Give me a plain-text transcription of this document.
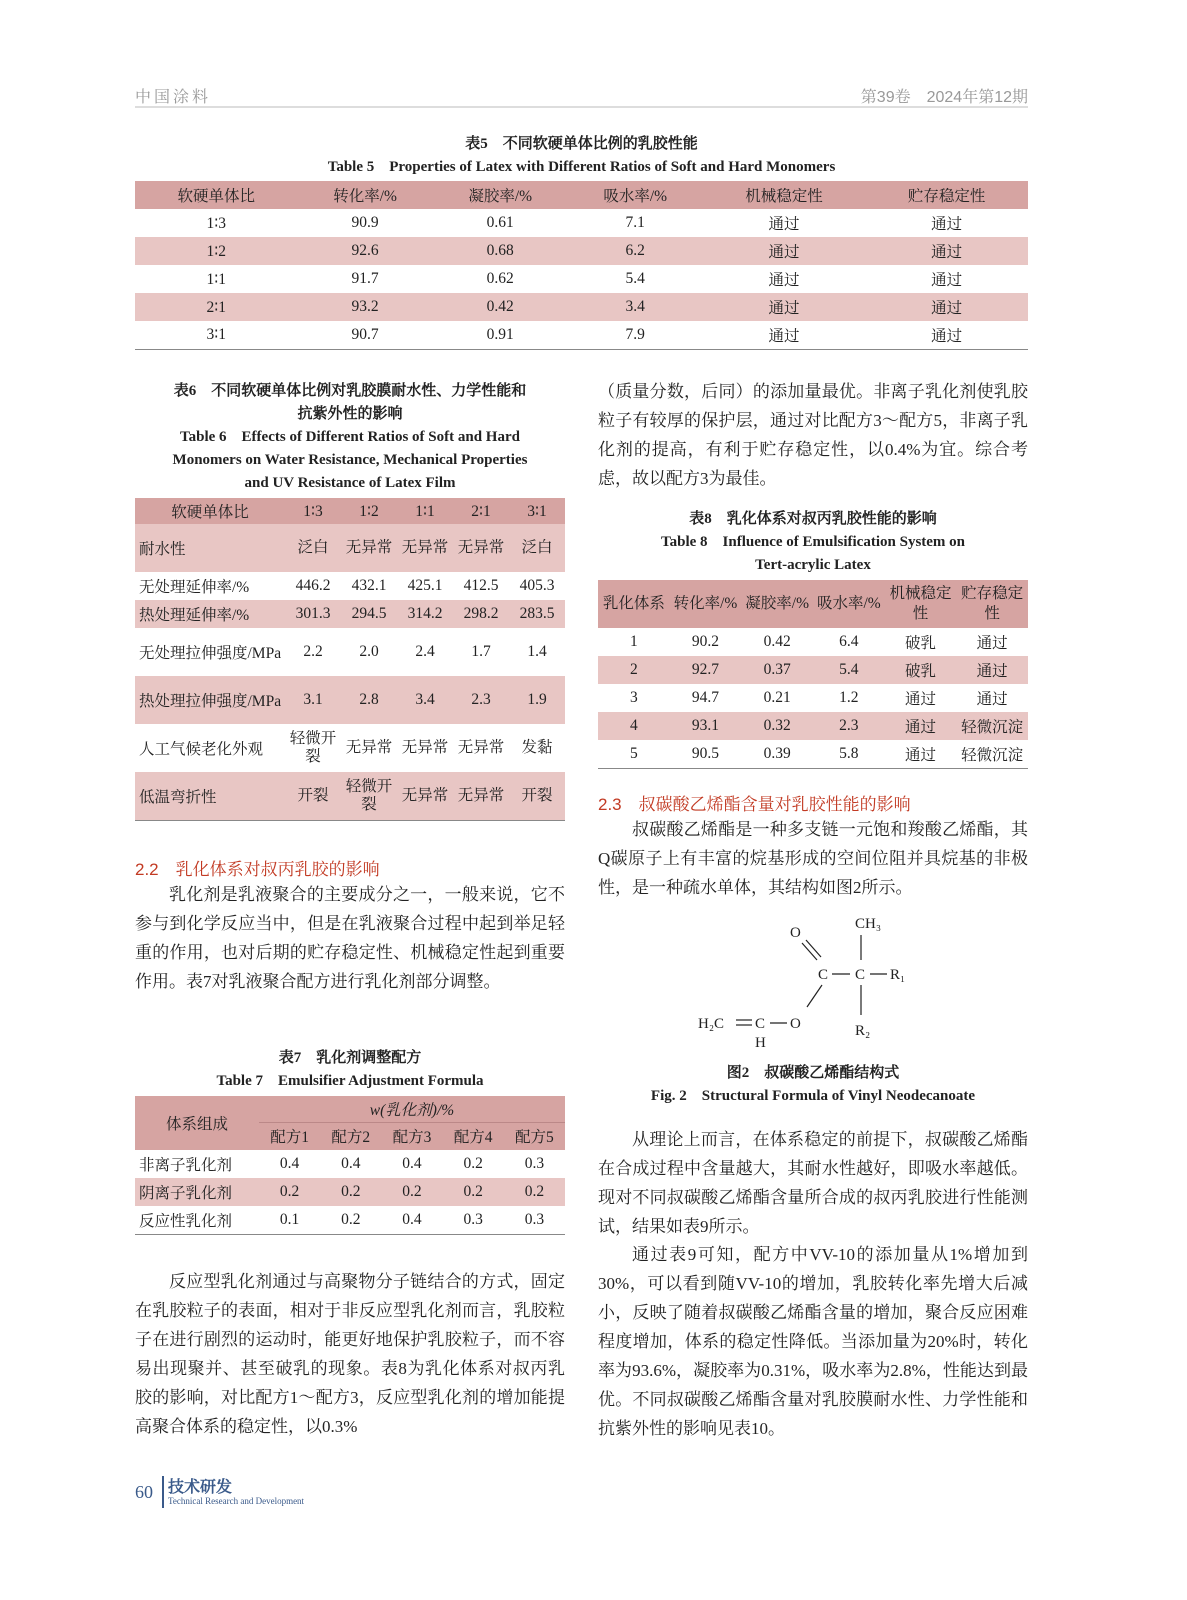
中国涂料	第39卷　2024年第12期
表5　不同软硬单体比例的乳胶性能
Table 5　Properties of Latex with Different Ratios of Soft and Hard Monomers
软硬单体比	转化率/%	凝胶率/%	吸水率/%	机械稳定性	贮存稳定性
1∶3	90.9	0.61	7.1	通过	通过
1∶2	92.6	0.68	6.2	通过	通过
1∶1	91.7	0.62	5.4	通过	通过
2∶1	93.2	0.42	3.4	通过	通过
3∶1	90.7	0.91	7.9	通过	通过
表6　不同软硬单体比例对乳胶膜耐水性、力学性能和
抗紫外性的影响
Table 6　Effects of Different Ratios of Soft and Hard
Monomers on Water Resistance, Mechanical Properties
and UV Resistance of Latex Film
软硬单体比	1∶3	1∶2	1∶1	2∶1	3∶1
耐水性	泛白	无异常	无异常	无异常	泛白
无处理延伸率/%	446.2	432.1	425.1	412.5	405.3
热处理延伸率/%	301.3	294.5	314.2	298.2	283.5
无处理拉伸强度/MPa	2.2	2.0	2.4	1.7	1.4
热处理拉伸强度/MPa	3.1	2.8	3.4	2.3	1.9
人工气候老化外观	轻微开裂	无异常	无异常	无异常	发黏
低温弯折性	开裂	轻微开裂	无异常	无异常	开裂
2.2　乳化体系对叔丙乳胶的影响
乳化剂是乳液聚合的主要成分之一，一般来说，它不参与到化学反应当中，但是在乳液聚合过程中起到举足轻重的作用，也对后期的贮存稳定性、机械稳定性起到重要作用。表7对乳液聚合配方进行乳化剂部分调整。
表7　乳化剂调整配方
Table 7　Emulsifier Adjustment Formula
体系组成	w(乳化剂)/%				
	配方1	配方2	配方3	配方4	配方5
非离子乳化剂	0.4	0.4	0.4	0.2	0.3
阴离子乳化剂	0.2	0.2	0.2	0.2	0.2
反应性乳化剂	0.1	0.2	0.4	0.3	0.3
反应型乳化剂通过与高聚物分子链结合的方式，固定在乳胶粒子的表面，相对于非反应型乳化剂而言，乳胶粒子在进行剧烈的运动时，能更好地保护乳胶粒子，而不容易出现聚并、甚至破乳的现象。表8为乳化体系对叔丙乳胶的影响，对比配方1～配方3，反应型乳化剂的增加能提高聚合体系的稳定性，以0.3%
（质量分数，后同）的添加量最优。非离子乳化剂使乳胶粒子有较厚的保护层，通过对比配方3～配方5，非离子乳化剂的提高，有利于贮存稳定性，以0.4%为宜。综合考虑，故以配方3为最佳。
表8　乳化体系对叔丙乳胶性能的影响
Table 8　Influence of Emulsification System on
Tert-acrylic Latex
乳化体系	转化率/%	凝胶率/%	吸水率/%	机械稳定性	贮存稳定性
1	90.2	0.42	6.4	破乳	通过
2	92.7	0.37	5.4	破乳	通过
3	94.7	0.21	1.2	通过	通过
4	93.1	0.32	2.3	通过	轻微沉淀
5	90.5	0.39	5.8	通过	轻微沉淀
2.3　叔碳酸乙烯酯含量对乳胶性能的影响
叔碳酸乙烯酯是一种多支链一元饱和羧酸乙烯酯，其Q碳原子上有丰富的烷基形成的空间位阻并具烷基的非极性，是一种疏水单体，其结构如图2所示。
O
CH₃
C C R₁
R₂
H₂C C O
H
图2　叔碳酸乙烯酯结构式
Fig. 2　Structural Formula of Vinyl Neodecanoate
从理论上而言，在体系稳定的前提下，叔碳酸乙烯酯在合成过程中含量越大，其耐水性越好，即吸水率越低。现对不同叔碳酸乙烯酯含量所合成的叔丙乳胶进行性能测试，结果如表9所示。
通过表9可知，配方中VV-10的添加量从1%增加到30%，可以看到随VV-10的增加，乳胶转化率先增大后减小，反映了随着叔碳酸乙烯酯含量的增加，聚合反应困难程度增加，体系的稳定性降低。当添加量为20%时，转化率为93.6%，凝胶率为0.31%，吸水率为2.8%，性能达到最优。不同叔碳酸乙烯酯含量对乳胶膜耐水性、力学性能和抗紫外性的影响见表10。
60 技术研发
Technical Research and Development
